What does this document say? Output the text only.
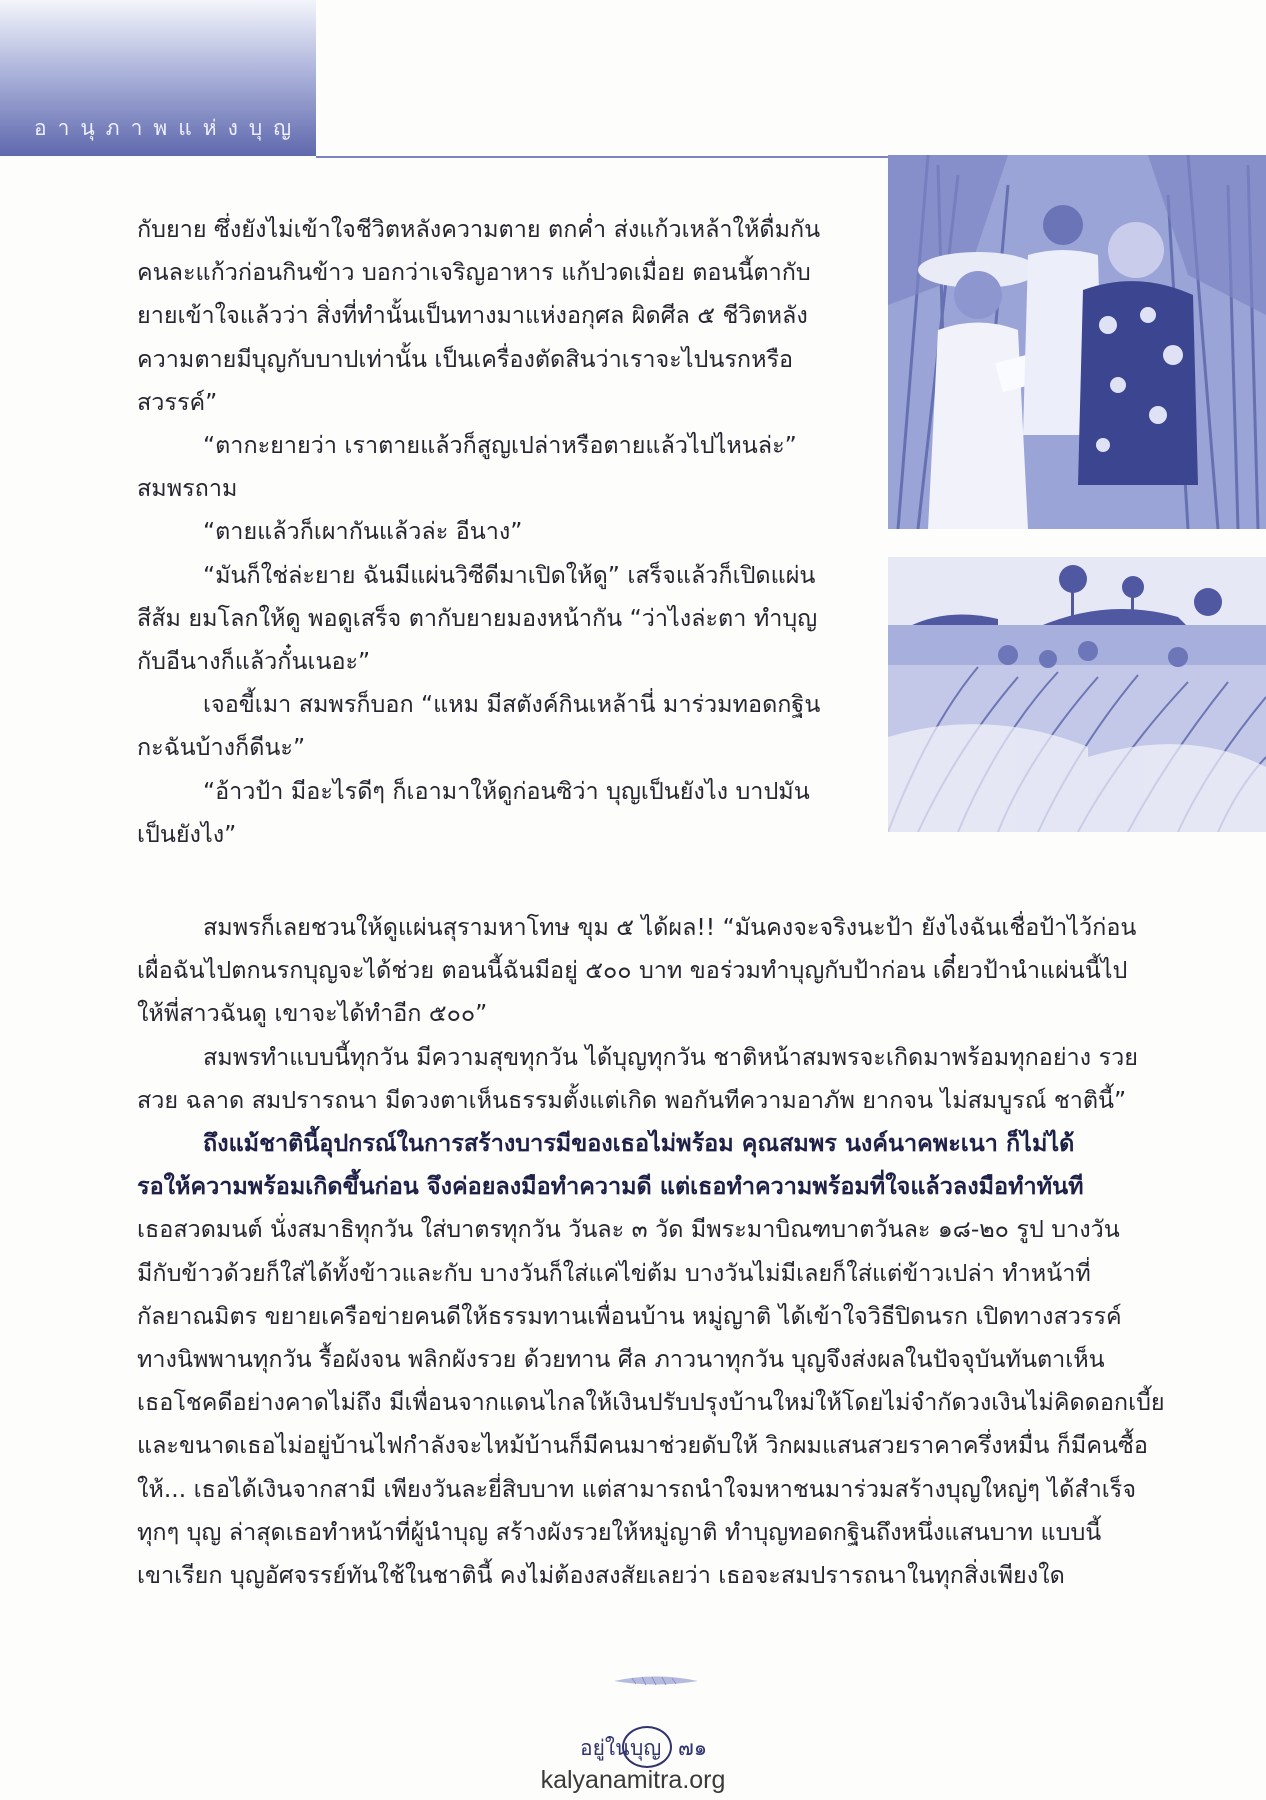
อานุภาพแห่งบุญ

กับยาย ซึ่งยังไม่เข้าใจชีวิตหลังความตาย ตกค่ำ ส่งแก้วเหล้าให้ดื่มกัน

คนละแก้วก่อนกินข้าว บอกว่าเจริญอาหาร แก้ปวดเมื่อย ตอนนี้ตากับ

ยายเข้าใจแล้วว่า สิ่งที่ทำนั้นเป็นทางมาแห่งอกุศล ผิดศีล ๕ ชีวิตหลัง

ความตายมีบุญกับบาปเท่านั้น เป็นเครื่องตัดสินว่าเราจะไปนรกหรือ

สวรรค์”

“ตากะยายว่า เราตายแล้วก็สูญเปล่าหรือตายแล้วไปไหนล่ะ”

สมพรถาม

“ตายแล้วก็เผากันแล้วล่ะ อีนาง”

“มันก็ใช่ล่ะยาย ฉันมีแผ่นวิซีดีมาเปิดให้ดู” เสร็จแล้วก็เปิดแผ่น

สีส้ม ยมโลกให้ดู พอดูเสร็จ ตากับยายมองหน้ากัน “ว่าไงล่ะตา ทำบุญ

กับอีนางก็แล้วกั๋นเนอะ”

เจอขี้เมา สมพรก็บอก “แหม มีสตังค์กินเหล้านี่ มาร่วมทอดกฐิน

กะฉันบ้างก็ดีนะ”

“อ้าวป้า มีอะไรดีๆ ก็เอามาให้ดูก่อนซิว่า บุญเป็นยังไง บาปมัน

เป็นยังไง”

สมพรก็เลยชวนให้ดูแผ่นสุรามหาโทษ ขุม ๕ ได้ผล!! “มันคงจะจริงนะป้า ยังไงฉันเชื่อป้าไว้ก่อน

เผื่อฉันไปตกนรกบุญจะได้ช่วย ตอนนี้ฉันมีอยู่ ๕๐๐ บาท ขอร่วมทำบุญกับป้าก่อน เดี๋ยวป้านำแผ่นนี้ไป

ให้พี่สาวฉันดู เขาจะได้ทำอีก ๕๐๐”

สมพรทำแบบนี้ทุกวัน มีความสุขทุกวัน ได้บุญทุกวัน ชาติหน้าสมพรจะเกิดมาพร้อมทุกอย่าง รวย

สวย ฉลาด สมปรารถนา มีดวงตาเห็นธรรมตั้งแต่เกิด พอกันทีความอาภัพ ยากจน ไม่สมบูรณ์ ชาตินี้”

ถึงแม้ชาตินี้อุปกรณ์ในการสร้างบารมีของเธอไม่พร้อม คุณสมพร นงค์นาคพะเนา ก็ไม่ได้

รอให้ความพร้อมเกิดขึ้นก่อน จึงค่อยลงมือทำความดี แต่เธอทำความพร้อมที่ใจแล้วลงมือทำทันที

เธอสวดมนต์ นั่งสมาธิทุกวัน ใส่บาตรทุกวัน วันละ ๓ วัด มีพระมาบิณฑบาตวันละ ๑๘-๒๐ รูป บางวัน

มีกับข้าวด้วยก็ใส่ได้ทั้งข้าวและกับ บางวันก็ใส่แค่ไข่ต้ม บางวันไม่มีเลยก็ใส่แต่ข้าวเปล่า ทำหน้าที่

กัลยาณมิตร ขยายเครือข่ายคนดีให้ธรรมทานเพื่อนบ้าน หมู่ญาติ ได้เข้าใจวิธีปิดนรก เปิดทางสวรรค์

ทางนิพพานทุกวัน รื้อผังจน พลิกผังรวย ด้วยทาน ศีล ภาวนาทุกวัน บุญจึงส่งผลในปัจจุบันทันตาเห็น

เธอโชคดีอย่างคาดไม่ถึง มีเพื่อนจากแดนไกลให้เงินปรับปรุงบ้านใหม่ให้โดยไม่จำกัดวงเงินไม่คิดดอกเบี้ย

และขนาดเธอไม่อยู่บ้านไฟกำลังจะไหม้บ้านก็มีคนมาช่วยดับให้ วิกผมแสนสวยราคาครึ่งหมื่น ก็มีคนซื้อ

ให้... เธอได้เงินจากสามี เพียงวันละยี่สิบบาท แต่สามารถนำใจมหาชนมาร่วมสร้างบุญใหญ่ๆ ได้สำเร็จ

ทุกๆ บุญ ล่าสุดเธอทำหน้าที่ผู้นำบุญ สร้างผังรวยให้หมู่ญาติ ทำบุญทอดกฐินถึงหนึ่งแสนบาท แบบนี้

เขาเรียก บุญอัศจรรย์ทันใช้ในชาตินี้ คงไม่ต้องสงสัยเลยว่า เธอจะสมปรารถนาในทุกสิ่งเพียงใด

อยู่ใน บุญ ๗๑
kalyanamitra.org
